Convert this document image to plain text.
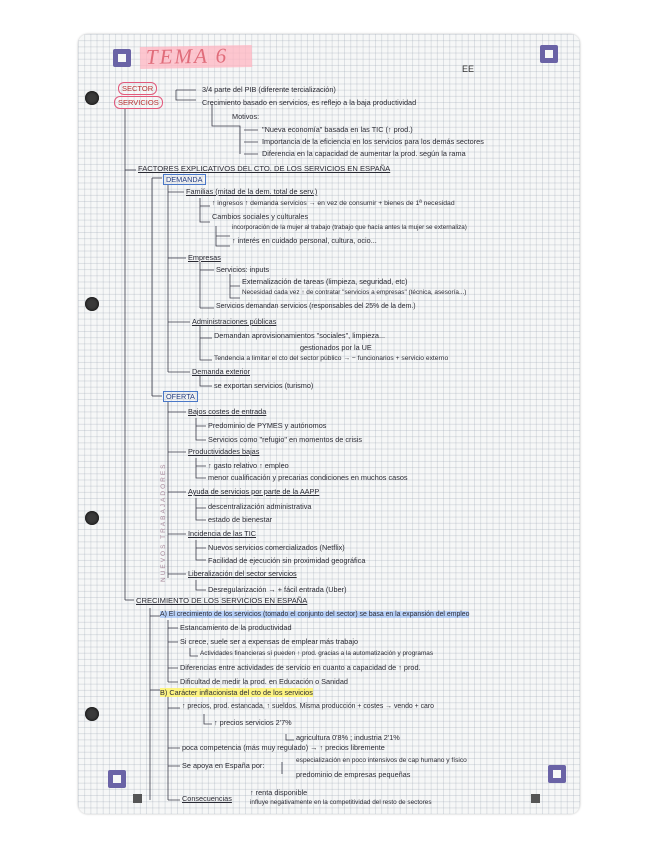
TEMA 6
EE
SECTOR
SERVICIOS
3/4 parte del PIB (diferente tercialización)
Crecimiento basado en servicios, es reflejo a la baja productividad
Motivos:
"Nueva economía" basada en las TIC (↑ prod.)
Importancia de la eficiencia en los servicios para los demás sectores
Diferencia en la capacidad de aumentar la prod. según la rama
FACTORES EXPLICATIVOS DEL CTO. DE LOS SERVICIOS EN ESPAÑA
DEMANDA
Familias (mitad de la dem. total de serv.)
↑ ingresos ↑ demanda servicios → en vez de consumir + bienes de 1ª necesidad
Cambios sociales y culturales
incorporación de la mujer al trabajo (trabajo que hacía antes la mujer se externaliza)
↑ interés en cuidado personal, cultura, ocio...
Empresas
Servicios: inputs
Externalización de tareas (limpieza, seguridad, etc)
Necesidad cada vez ↑ de contratar "servicios a empresas" (técnica, asesoría...)
Servicios demandan servicios (responsables del 25% de la dem.)
Administraciones públicas
Demandan aprovisionamientos "sociales", limpieza...
gestionados por la UE
Tendencia a limitar el cto del sector público → − funcionarios + servicio externo
Demanda exterior
se exportan servicios (turismo)
OFERTA
NUEVOS TRABAJADORES
Bajos costes de entrada
Predominio de PYMES y autónomos
Servicios como "refugio" en momentos de crisis
Productividades bajas
↑ gasto relativo ↑ empleo
menor cualificación y precarias condiciones en muchos casos
Ayuda de servicios por parte de la AAPP
descentralización administrativa
estado de bienestar
Incidencia de las TIC
Nuevos servicios comercializados (Netflix)
Facilidad de ejecución sin proximidad geográfica
Liberalización del sector servicios
Desregularización → + fácil entrada (Uber)
CRECIMIENTO DE LOS SERVICIOS EN ESPAÑA
A) El crecimiento de los servicios (tomado el conjunto del sector) se basa en la expansión del empleo
Estancamiento de la productividad
Si crece, suele ser a expensas de emplear más trabajo
Actividades financieras sí pueden ↑ prod. gracias a la automatización y programas
Diferencias entre actividades de servicio en cuanto a capacidad de ↑ prod.
Dificultad de medir la prod. en Educación o Sanidad
B) Carácter inflacionista del cto de los servicios
↑ precios, prod. estancada, ↑ sueldos. Misma producción + costes → vendo + caro
↑ precios servicios 2'7%
agricultura 0'8% ; industria 2'1%
poca competencia (más muy regulado) → ↑ precios libremente
Se apoya en España por:
especialización en poco intensivos de cap humano y físico
predominio de empresas pequeñas
Consecuencias
↑ renta disponible
influye negativamente en la competitividad del resto de sectores
